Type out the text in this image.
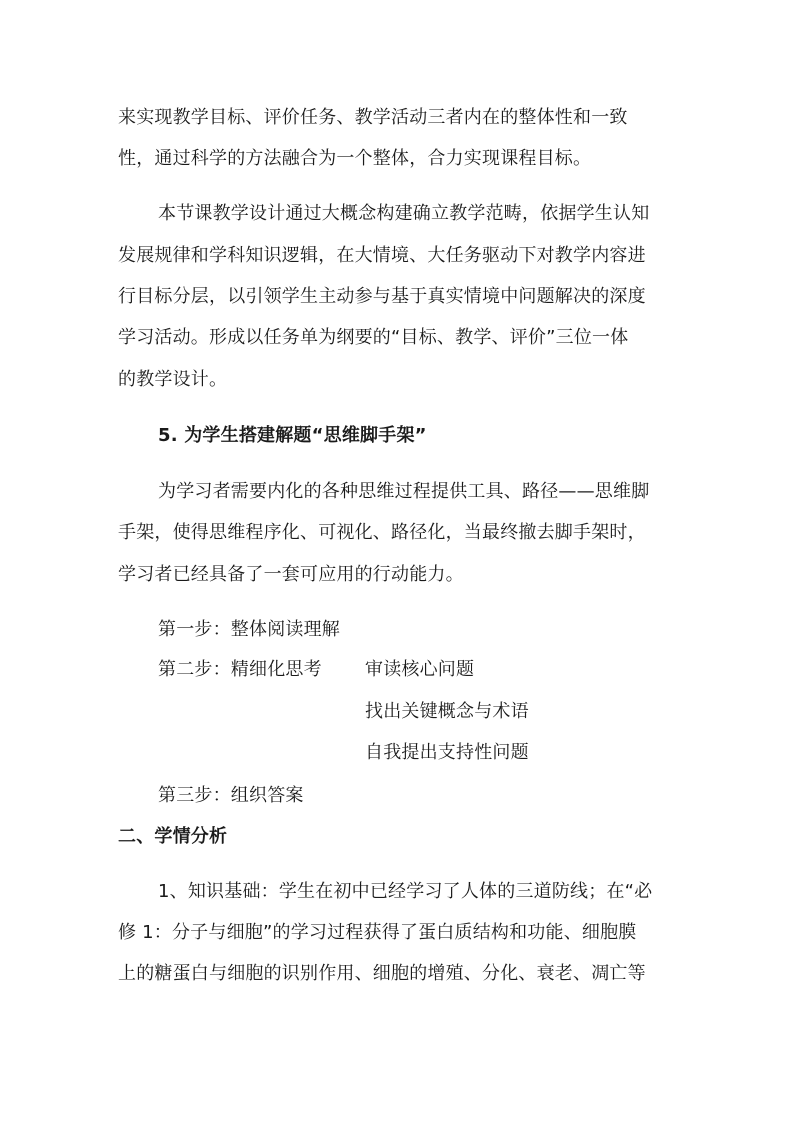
来实现教学目标、评价任务、教学活动三者内在的整体性和一致
性，通过科学的方法融合为一个整体，合力实现课程目标。
本节课教学设计通过大概念构建确立教学范畴，依据学生认知
发展规律和学科知识逻辑，在大情境、大任务驱动下对教学内容进
行目标分层，以引领学生主动参与基于真实情境中问题解决的深度
学习活动。形成以任务单为纲要的“目标、教学、评价”三位一体
的教学设计。
5. 为学生搭建解题“思维脚手架”
为学习者需要内化的各种思维过程提供工具、路径——思维脚
手架，使得思维程序化、可视化、路径化，当最终撤去脚手架时，
学习者已经具备了一套可应用的行动能力。
第一步：整体阅读理解
第二步：精细化思考 审读核心问题
找出关键概念与术语
自我提出支持性问题
第三步：组织答案
二、学情分析
1、知识基础：学生在初中已经学习了人体的三道防线；在“必
修 1：分子与细胞”的学习过程获得了蛋白质结构和功能、细胞膜
上的糖蛋白与细胞的识别作用、细胞的增殖、分化、衰老、凋亡等
